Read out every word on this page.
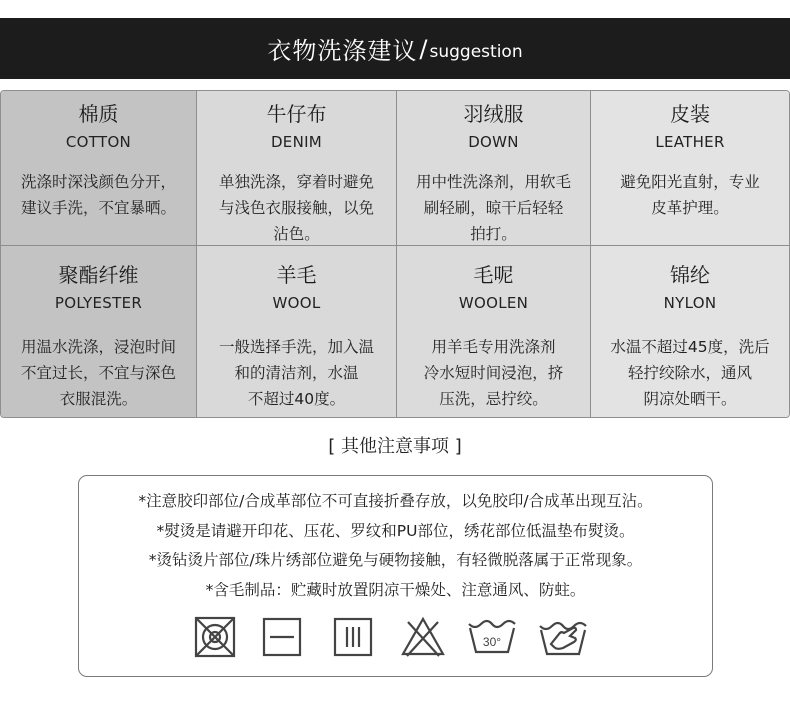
衣物洗涤建议 / suggestion
棉质
COTTON
洗涤时深浅颜色分开，
建议手洗，不宜暴晒。
牛仔布
DENIM
单独洗涤，穿着时避免
与浅色衣服接触，以免
沾色。
羽绒服
DOWN
用中性洗涤剂，用软毛
刷轻刷，晾干后轻轻
拍打。
皮装
LEATHER
避免阳光直射，专业
皮革护理。
聚酯纤维
POLYESTER
用温水洗涤，浸泡时间
不宜过长，不宜与深色
衣服混洗。
羊毛
WOOL
一般选择手洗，加入温
和的清洁剂，水温
不超过40度。
毛呢
WOOLEN
用羊毛专用洗涤剂
冷水短时间浸泡，挤
压洗，忌拧绞。
锦纶
NYLON
水温不超过45度，洗后
轻拧绞除水，通风
阴凉处晒干。
[ 其他注意事项 ]
*注意胶印部位/合成革部位不可直接折叠存放，以免胶印/合成革出现互沾。
*熨烫是请避开印花、压花、罗纹和PU部位，绣花部位低温垫布熨烫。
*烫钻烫片部位/珠片绣部位避免与硬物接触，有轻微脱落属于正常现象。
*含毛制品：贮藏时放置阴凉干燥处、注意通风、防蛀。
30°
